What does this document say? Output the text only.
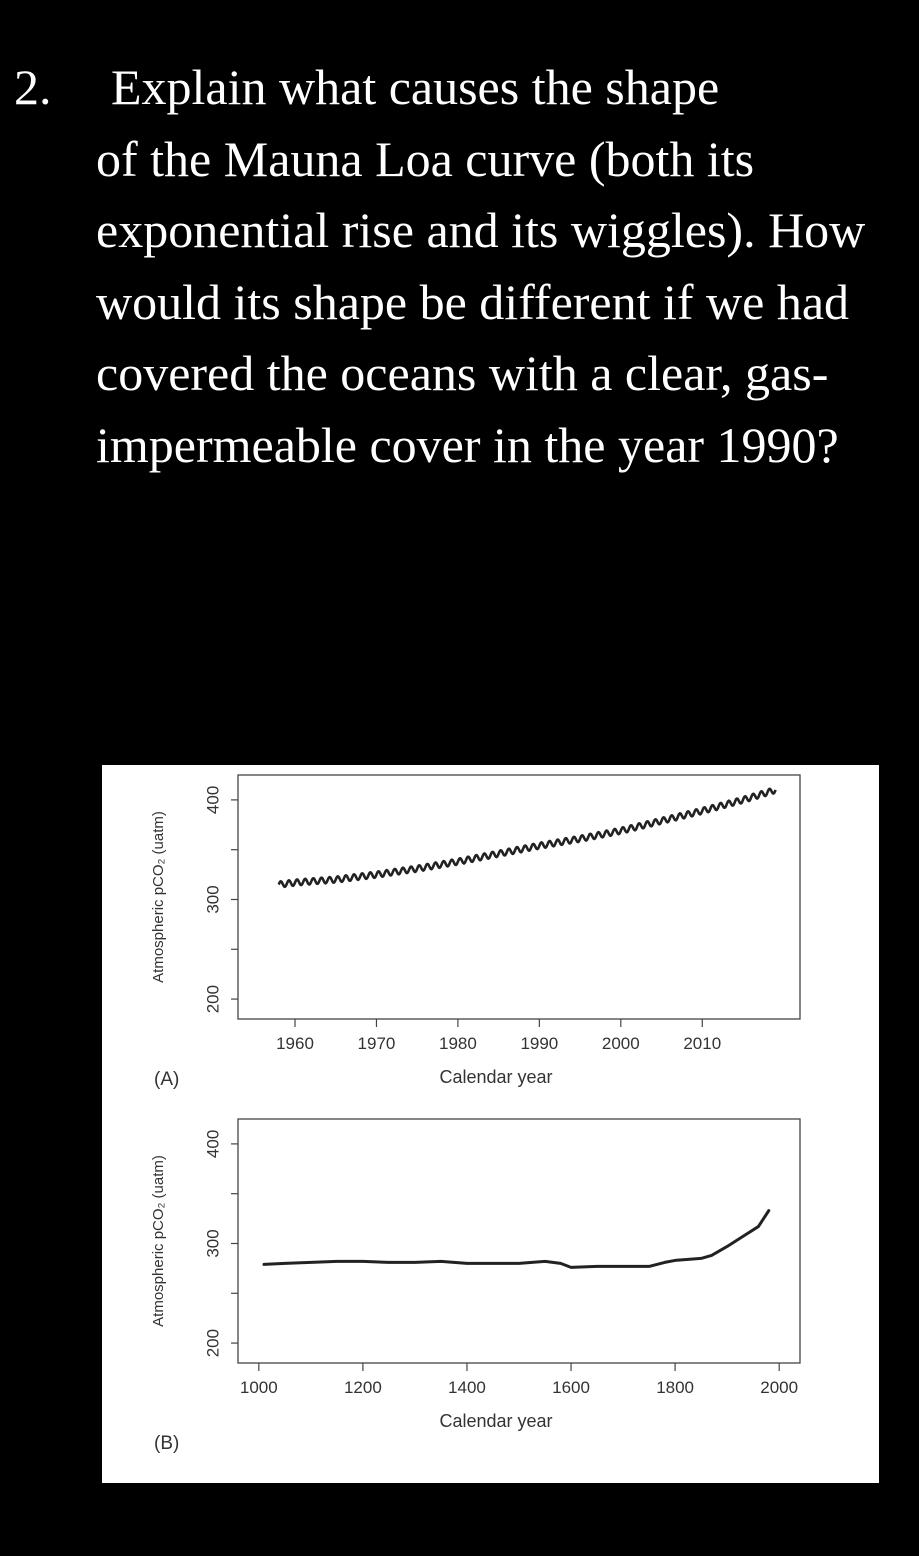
2. Explain what causes the shape
of the Mauna Loa curve (both its exponential rise and its wiggles). How would its shape be different if we had covered the oceans with a clear, gas-impermeable cover in the year 1990?
200
300
400
Atmospheric pCO₂ (uatm)
1960	1970	1980	1990	2000	2010
Calendar year
(A)
200
300
400
Atmospheric pCO₂ (uatm)
1000	1200	1400	1600	1800	2000
Calendar year
(B)
